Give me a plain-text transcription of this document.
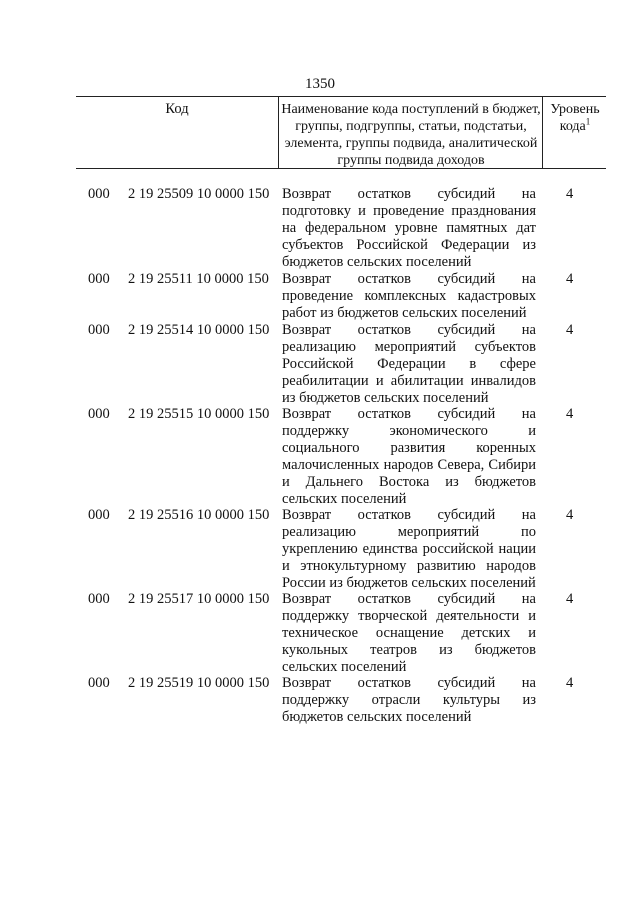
1350
Код	Наименование кода поступлений в бюджет, группы, подгруппы, статьи, подстатьи, элемента, группы подвида, аналитической группы подвида доходов
Уровень кода$^1$
000 2 19 25509 10 0000 150 Возврат остатков субсидий на подготовку и проведение празднования на федеральном уровне памятных дат субъектов Российской Федерации из бюджетов сельских поселений
4
000 2 19 25511 10 0000 150 Возврат остатков субсидий на проведение комплексных кадастровых работ из бюджетов сельских поселений
4
000 2 19 25514 10 0000 150 Возврат остатков субсидий на реализацию мероприятий субъектов Российской Федерации в сфере реабилитации и абилитации инвалидов из бюджетов сельских поселений
4
000 2 19 25515 10 0000 150 Возврат остатков субсидий на поддержку экономического и социального развития коренных малочисленных народов Севера, Сибири и Дальнего Востока из бюджетов сельских поселений
4
000 2 19 25516 10 0000 150 Возврат остатков субсидий на реализацию мероприятий по укреплению единства российской нации и этнокультурному развитию народов России из бюджетов сельских поселений
4
000 2 19 25517 10 0000 150 Возврат остатков субсидий на поддержку творческой деятельности и техническое оснащение детских и кукольных театров из бюджетов сельских поселений
4
000 2 19 25519 10 0000 150 Возврат остатков субсидий на поддержку отрасли культуры из бюджетов сельских поселений
4
